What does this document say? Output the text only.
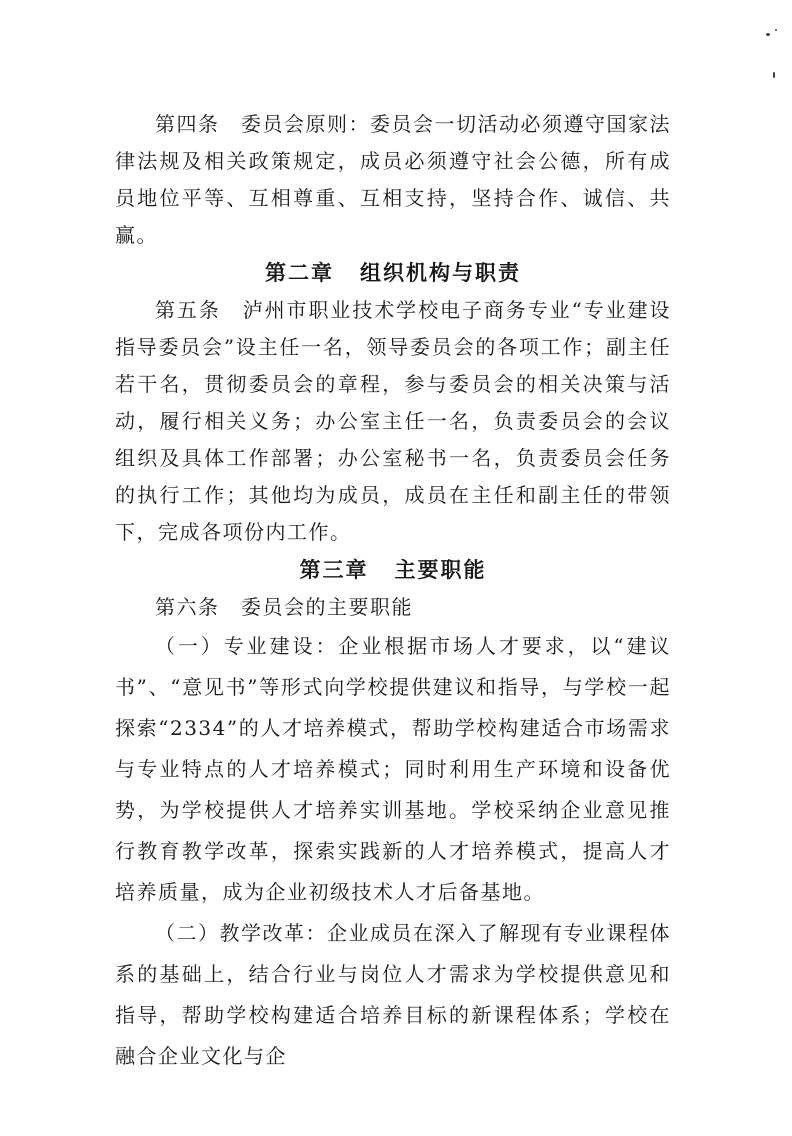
第四条　委员会原则：委员会一切活动必须遵守国家法律法规及相关政策规定，成员必须遵守社会公德，所有成员地位平等、互相尊重、互相支持，坚持合作、诚信、共赢。

第二章 组织机构与职责

第五条　泸州市职业技术学校电子商务专业“专业建设指导委员会”设主任一名，领导委员会的各项工作；副主任若干名，贯彻委员会的章程，参与委员会的相关决策与活动，履行相关义务；办公室主任一名，负责委员会的会议组织及具体工作部署；办公室秘书一名，负责委员会任务的执行工作；其他均为成员，成员在主任和副主任的带领下，完成各项份内工作。

第三章 主要职能

第六条　委员会的主要职能

（一）专业建设：企业根据市场人才要求，以“建议书”、“意见书”等形式向学校提供建议和指导，与学校一起探索“2334”的人才培养模式，帮助学校构建适合市场需求与专业特点的人才培养模式；同时利用生产环境和设备优势，为学校提供人才培养实训基地。学校采纳企业意见推行教育教学改革，探索实践新的人才培养模式，提高人才培养质量，成为企业初级技术人才后备基地。

（二）教学改革：企业成员在深入了解现有专业课程体系的基础上，结合行业与岗位人才需求为学校提供意见和指导，帮助学校构建适合培养目标的新课程体系；学校在融合企业文化与企
